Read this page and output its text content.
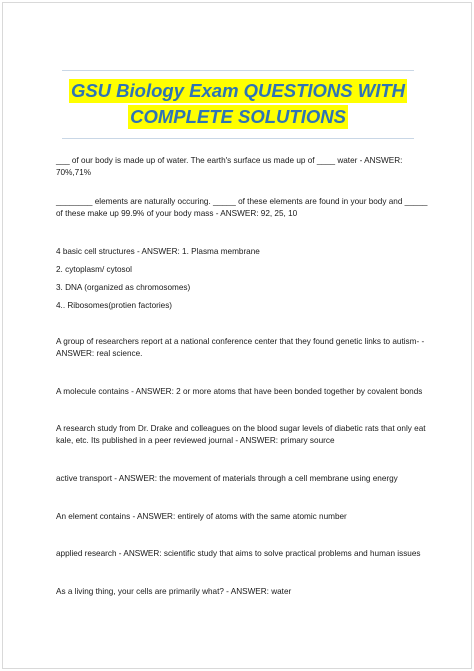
GSU Biology Exam QUESTIONS WITH
COMPLETE SOLUTIONS
___ of our body is made up of water. The earth's surface us made up of ____ water - ANSWER: 70%,71%
________ elements are naturally occuring. _____ of these elements are found in your body and _____ of these make up 99.9% of your body mass - ANSWER: 92, 25, 10
4 basic cell structures - ANSWER: 1. Plasma membrane
2. cytoplasm/ cytosol
3. DNA (organized as chromosomes)
4.. Ribosomes(protien factories)
A group of researchers report at a national conference center that they found genetic links to autism- - ANSWER: real science.
A molecule contains - ANSWER: 2 or more atoms that have been bonded together by covalent bonds
A research study from Dr. Drake and colleagues on the blood sugar levels of diabetic rats that only eat kale, etc. Its published in a peer reviewed journal - ANSWER: primary source
active transport - ANSWER: the movement of materials through a cell membrane using energy
An element contains - ANSWER: entirely of atoms with the same atomic number
applied research - ANSWER: scientific study that aims to solve practical problems and human issues
As a living thing, your cells are primarily what? - ANSWER: water
